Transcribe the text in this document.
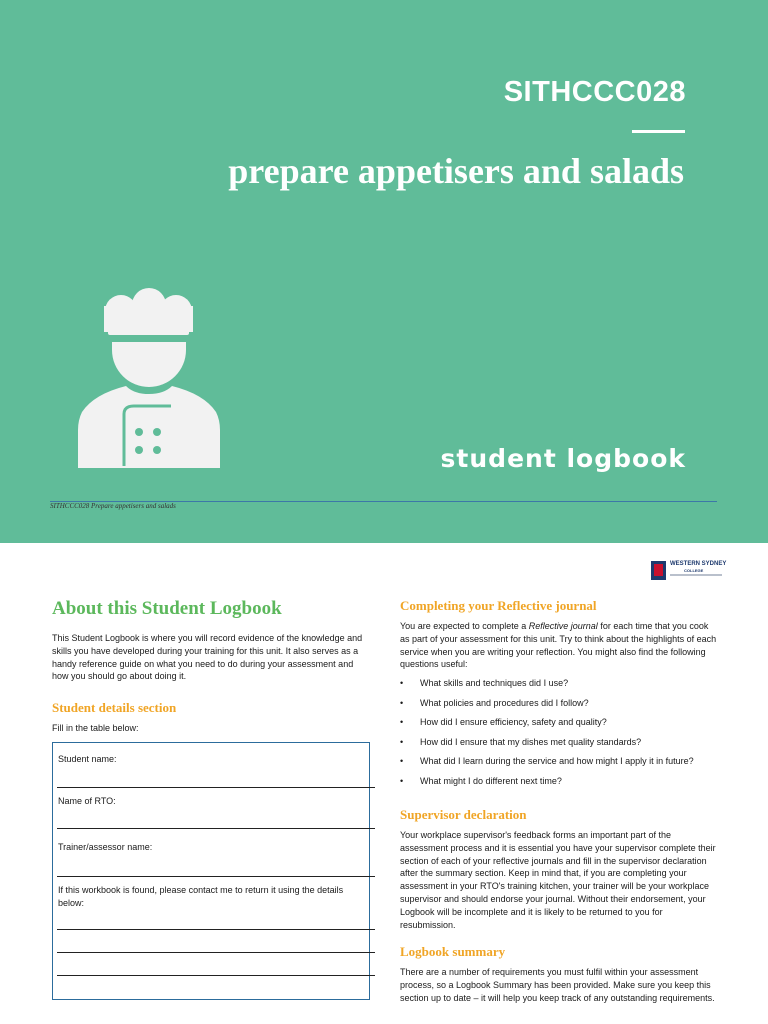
SITHCCC028
prepare appetisers and salads
student logbook
SITHCCC028 Prepare appetisers and salads
WESTERN SYDNEY
COLLEGE
About this Student Logbook

This Student Logbook is where you will record evidence of the knowledge and skills you have developed during your training for this unit. It also serves as a handy reference guide on what you need to do during your assessment and how you should go about doing it.

Student details section

Fill in the table below:

Student name:
Name of RTO:
Trainer/assessor name:
If this workbook is found, please contact me to return it using the details below:
Completing your Reflective journal

You are expected to complete a Reflective journal for each time that you cook as part of your assessment for this unit. Try to think about the highlights of each service when you are writing your reflection. You might also find the following questions useful:

• What skills and techniques did I use?
• What policies and procedures did I follow?
• How did I ensure efficiency, safety and quality?
• How did I ensure that my dishes met quality standards?
• What did I learn during the service and how might I apply it in future?
• What might I do different next time?
Supervisor declaration

Your workplace supervisor's feedback forms an important part of the assessment process and it is essential you have your supervisor complete their section of each of your reflective journals and fill in the supervisor declaration after the summary section. Keep in mind that, if you are completing your assessment in your RTO's training kitchen, your trainer will be your workplace supervisor and should endorse your journal. Without their endorsement, your Logbook will be incomplete and it is likely to be returned to you for resubmission.

Logbook summary

There are a number of requirements you must fulfil within your assessment process, so a Logbook Summary has been provided. Make sure you keep this section up to date – it will help you keep track of any outstanding requirements.
